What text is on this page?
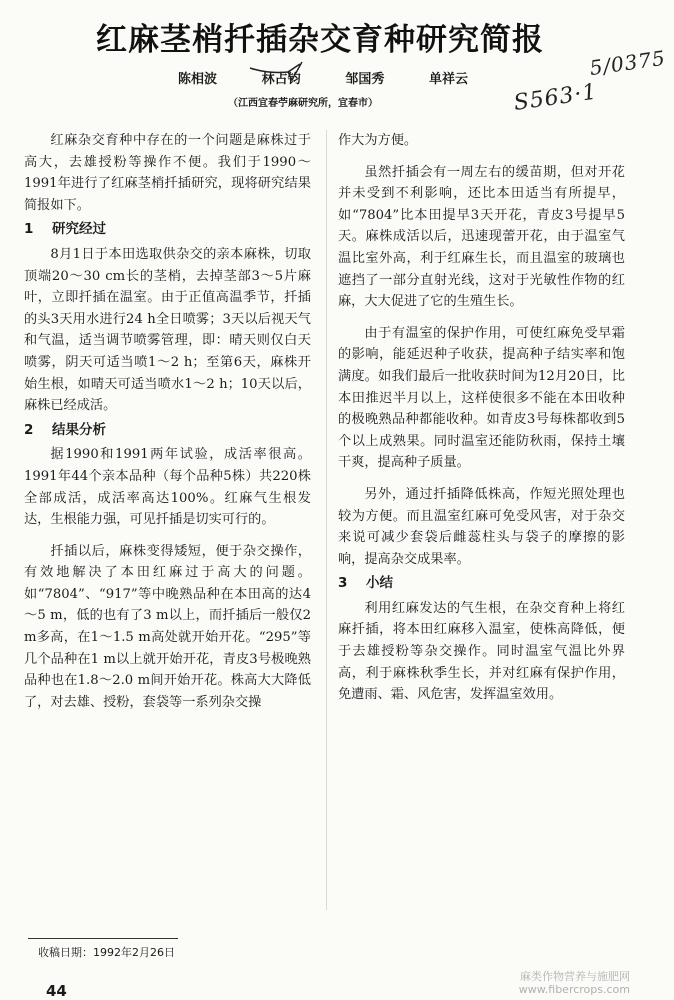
红麻茎梢扦插杂交育种研究简报
陈相波	林占钧	邹国秀	单祥云
（江西宜春苧麻研究所，宜春市）	S563·1
5/0375

红麻杂交育种中存在的一个问题是麻株过于高大，去雄授粉等操作不便。我们于1990～1991年进行了红麻茎梢扦插研究，现将研究结果简报如下。

1 研究经过

8月1日于本田选取供杂交的亲本麻株，切取顶端20～30 cm长的茎梢，去掉茎部3～5片麻叶，立即扦插在温室。由于正值高温季节，扦插的头3天用水进行24 h全日喷雾；3天以后视天气和气温，适当调节喷雾管理，即：晴天则仅白天喷雾，阴天可适当喷1～2 h；至第6天，麻株开始生根，如晴天可适当喷水1～2 h；10天以后，麻株已经成活。

2 结果分析

据1990和1991两年试验，成活率很高。1991年44个亲本品种（每个品种5株）共220株全部成活，成活率高达100%。红麻气生根发达，生根能力强，可见扦插是切实可行的。

扦插以后，麻株变得矮短，便于杂交操作，有效地解决了本田红麻过于高大的问题。如“7804”、“917”等中晚熟品种在本田高的达4～5 m，低的也有了3 m以上，而扦插后一般仅2 m多高，在1～1.5 m高处就开始开花。“295”等几个品种在1 m以上就开始开花，青皮3号极晚熟品种也在1.8～2.0 m间开始开花。株高大大降低了，对去雄、授粉，套袋等一系列杂交操

作大为方便。

虽然扦插会有一周左右的缓苗期，但对开花并未受到不利影响，还比本田适当有所提早，如“7804”比本田提早3天开花，青皮3号提早5天。麻株成活以后，迅速现蕾开花，由于温室气温比室外高，利于红麻生长，而且温室的玻璃也遮挡了一部分直射光线，这对于光敏性作物的红麻，大大促进了它的生殖生长。

由于有温室的保护作用，可使红麻免受早霜的影响，能延迟种子收获，提高种子结实率和饱满度。如我们最后一批收获时间为12月20日，比本田推迟半月以上，这样使很多不能在本田收种的极晚熟品种都能收种。如青皮3号每株都收到5个以上成熟果。同时温室还能防秋雨，保持土壤干爽，提高种子质量。

另外，通过扦插降低株高，作短光照处理也较为方便。而且温室红麻可免受风害，对于杂交来说可减少套袋后雌蕊柱头与袋子的摩擦的影响，提高杂交成果率。

3 小结

利用红麻发达的气生根，在杂交育种上将红麻扦插，将本田红麻移入温室，使株高降低，便于去雄授粉等杂交操作。同时温室气温比外界高，利于麻株秋季生长，并对红麻有保护作用，免遭雨、霜、风危害，发挥温室效用。

收稿日期：1992年2月26日
44
麻类作物营养与施肥网
www.fibercrops.com
